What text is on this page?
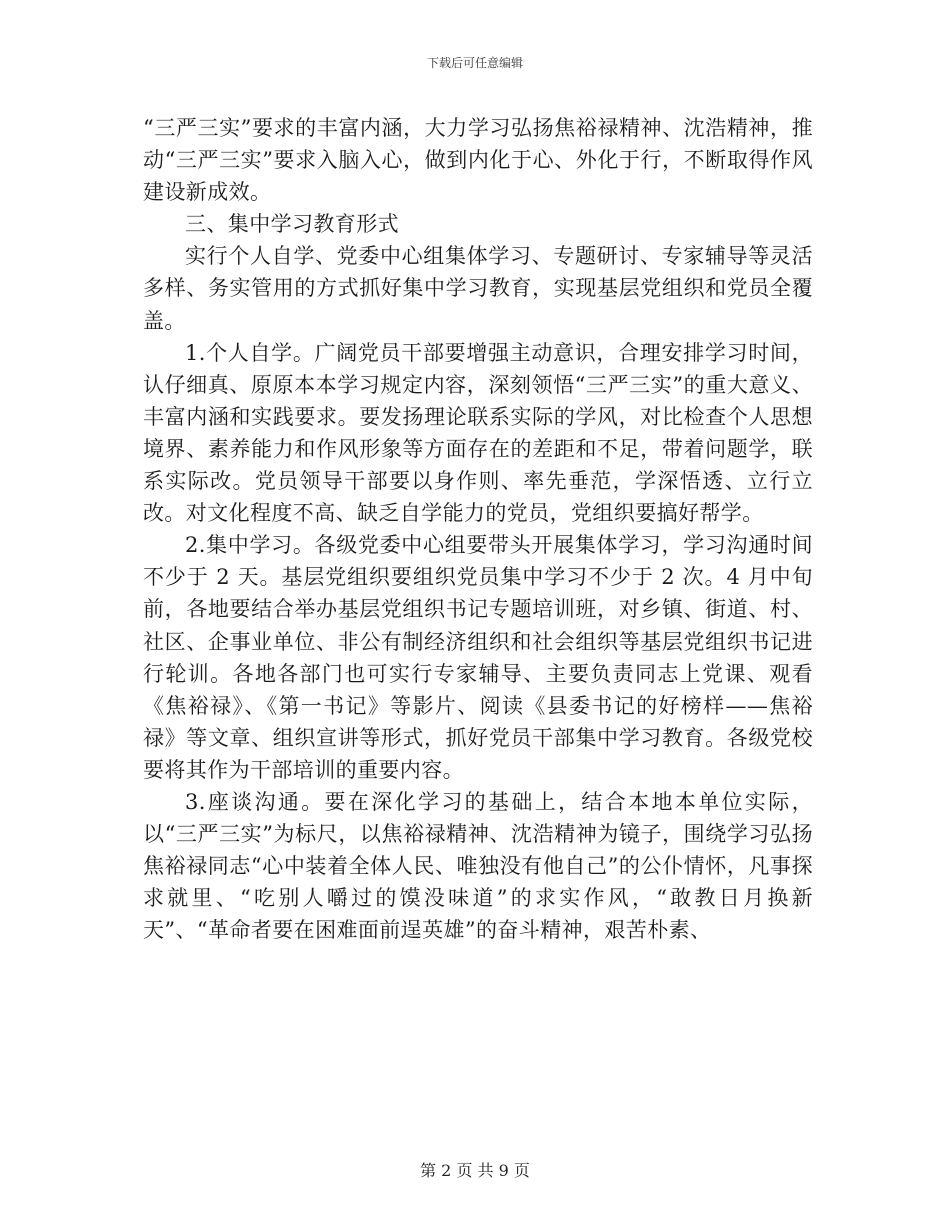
下载后可任意编辑

“三严三实”要求的丰富内涵，大力学习弘扬焦裕禄精神、沈浩精神，推动“三严三实”要求入脑入心，做到内化于心、外化于行，不断取得作风建设新成效。

三、集中学习教育形式

实行个人自学、党委中心组集体学习、专题研讨、专家辅导等灵活多样、务实管用的方式抓好集中学习教育，实现基层党组织和党员全覆盖。

1.个人自学。广阔党员干部要增强主动意识，合理安排学习时间，认仔细真、原原本本学习规定内容，深刻领悟“三严三实”的重大意义、丰富内涵和实践要求。要发扬理论联系实际的学风，对比检查个人思想境界、素养能力和作风形象等方面存在的差距和不足，带着问题学，联系实际改。党员领导干部要以身作则、率先垂范，学深悟透、立行立改。对文化程度不高、缺乏自学能力的党员，党组织要搞好帮学。

2.集中学习。各级党委中心组要带头开展集体学习，学习沟通时间不少于 2 天。基层党组织要组织党员集中学习不少于 2 次。4 月中旬前，各地要结合举办基层党组织书记专题培训班，对乡镇、街道、村、社区、企事业单位、非公有制经济组织和社会组织等基层党组织书记进行轮训。各地各部门也可实行专家辅导、主要负责同志上党课、观看《焦裕禄》、《第一书记》等影片、阅读《县委书记的好榜样——焦裕禄》等文章、组织宣讲等形式，抓好党员干部集中学习教育。各级党校要将其作为干部培训的重要内容。

3.座谈沟通。要在深化学习的基础上，结合本地本单位实际，以“三严三实”为标尺，以焦裕禄精神、沈浩精神为镜子，围绕学习弘扬焦裕禄同志“心中装着全体人民、唯独没有他自己”的公仆情怀，凡事探求就里、“吃别人嚼过的馍没味道”的求实作风，“敢教日月换新天”、“革命者要在困难面前逞英雄”的奋斗精神，艰苦朴素、

第 2 页 共 9 页
